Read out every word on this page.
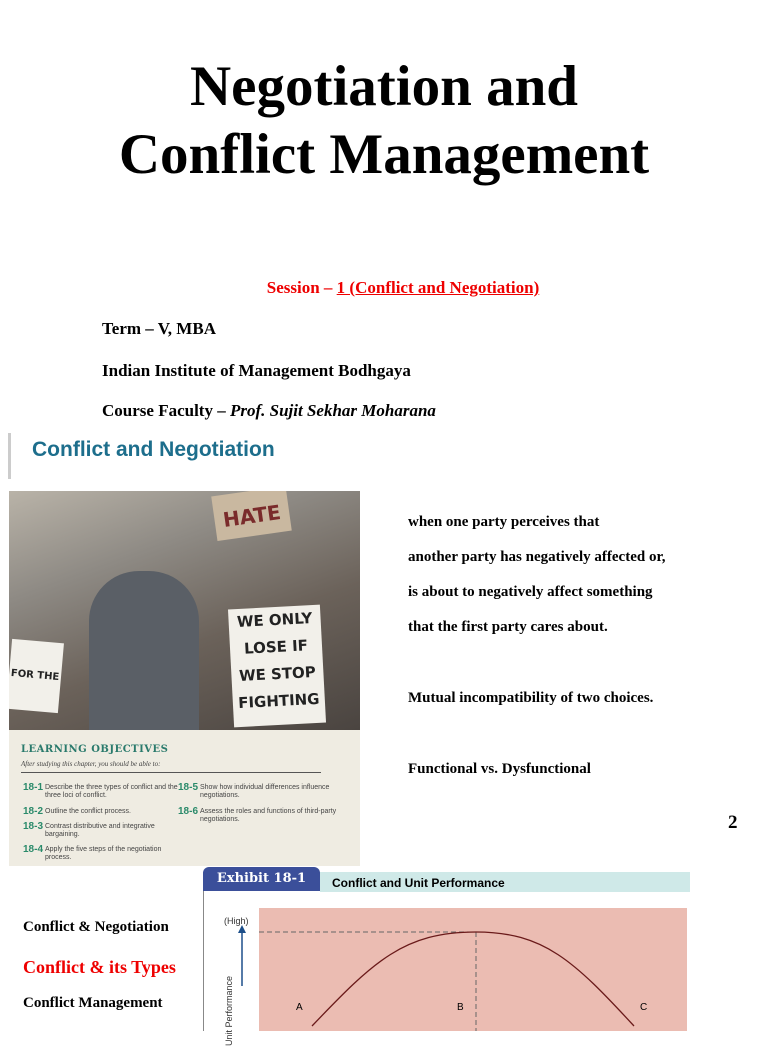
Negotiation and
Conflict Management
Session – 1 (Conflict and Negotiation)
Term – V, MBA
Indian Institute of Management Bodhgaya
Course Faculty – Prof. Sujit Sekhar Moharana
Conflict and Negotiation
HATE
FOR THE
WE ONLY
LOSE IF
WE STOP
FIGHTING
LEARNING OBJECTIVES
After studying this chapter, you should be able to:
18-1 Describe the three types of conflict and the three loci of conflict.
18-2 Outline the conflict process.
18-3 Contrast distributive and integrative bargaining.
18-4 Apply the five steps of the negotiation process.
18-5 Show how individual differences influence negotiations.
18-6 Assess the roles and functions of third-party negotiations.
when one party perceives that
another party has negatively affected or,
is about to negatively affect something
that the first party cares about.
Mutual incompatibility of two choices.
Functional vs. Dysfunctional
2
Exhibit 18-1	Conflict and Unit Performance
(High)
Unit Performance	A	B	C
Conflict & Negotiation
Conflict & its Types
Conflict Management
